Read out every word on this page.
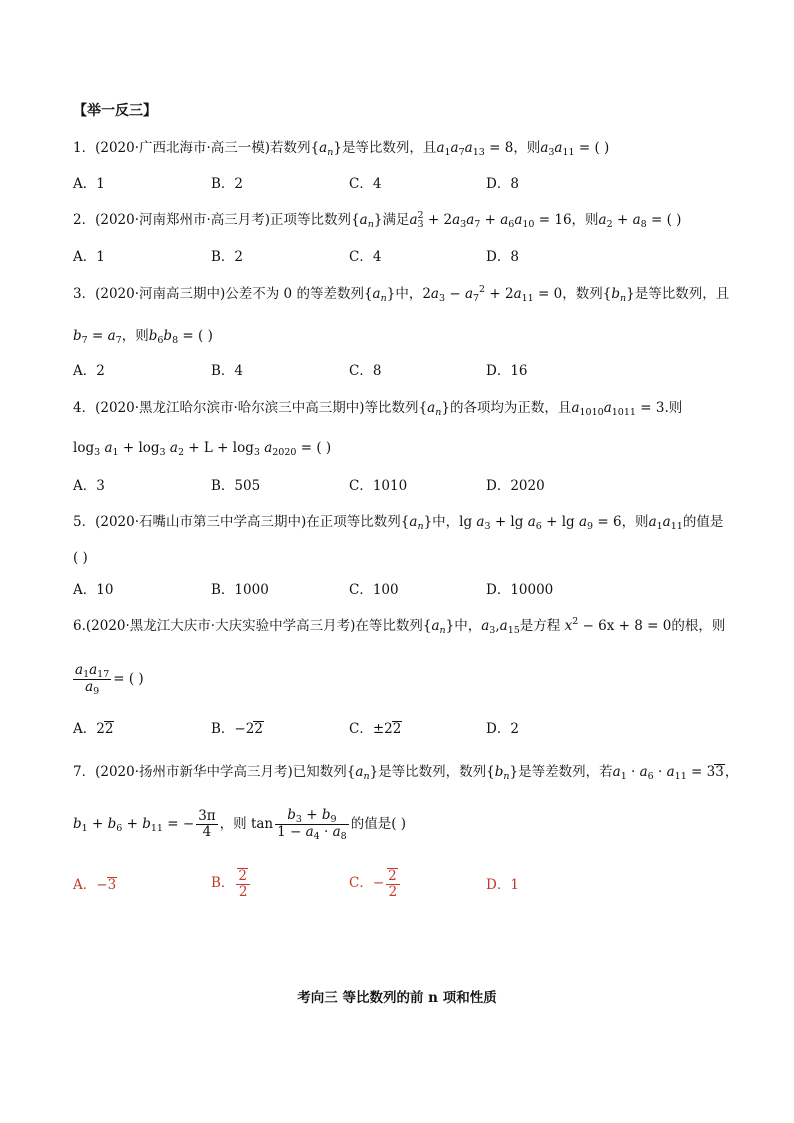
【举一反三】
1．(2020·广西北海市·高三一模)若数列$\{a_n\}$是等比数列，且$a_1a_7a_{13} = 8$，则$a_3a_{11}$ = ( )
A．1	B．2	C．4	D．8
2．(2020·河南郑州市·高三月考)正项等比数列$\{a_n\}$满足$a^2_3 + 2a_3a_7 + a_6a_{10} = 16$，则$a_2 + a_8$ = ( )
A．1	B．2	C．4	D．8
3．(2020·河南高三期中)公差不为 0 的等差数列$\{a_n\}$中，$2a_3 - a_7^2 + 2a_{11} = 0$，数列$\{b_n\}$是等比数列，且
$b_7 = a_7$，则$b_6b_8$ = ( )
A．2	B．4	C．8	D．16
4．(2020·黑龙江哈尔滨市·哈尔滨三中高三期中)等比数列$\{a_n\}$的各项均为正数，且$a_{1010}a_{1011} = 3$.则
$\log_3 a_1 + \log_3 a_2 + L + \log_3 a_{2020}$ = ( )
A．3	B．505	C．1010	D．2020
5．(2020·石嘴山市第三中学高三期中)在正项等比数列$\{a_n\}$中，$\lg a_3 + \lg a_6 + \lg a_9 = 6$，则$a_1a_{11}$的值是
( )
A．10	B．1000	C．100	D．10000
6.(2020·黑龙江大庆市·大庆实验中学高三月考)在等比数列$\{a_n\}$中，$a_3,a_{15}$是方程 $x^2 - 6x + 8 = 0$的根，则
$\frac{a_1a_{17}}{a_9}$ = ( )
A．22	B．−22	C．±22	D．2
7．(2020·扬州市新华中学高三月考)已知数列$\{a_n\}$是等比数列，数列$\{b_n\}$是等差数列，若$a_1 \cdot a_6 \cdot a_{11} = 33$，
$b_1 + b_6 + b_{11}$ = − $\frac{3\pi}{4}$ ，则 $\tan \frac{b_3 + b_9}{1 - a_4 \cdot a_8}$ 的值是( )
A．−3	B． $\frac{2}{2}$	C．− $\frac{2}{2}$	D．1
考向三 等比数列的前 n 项和性质
